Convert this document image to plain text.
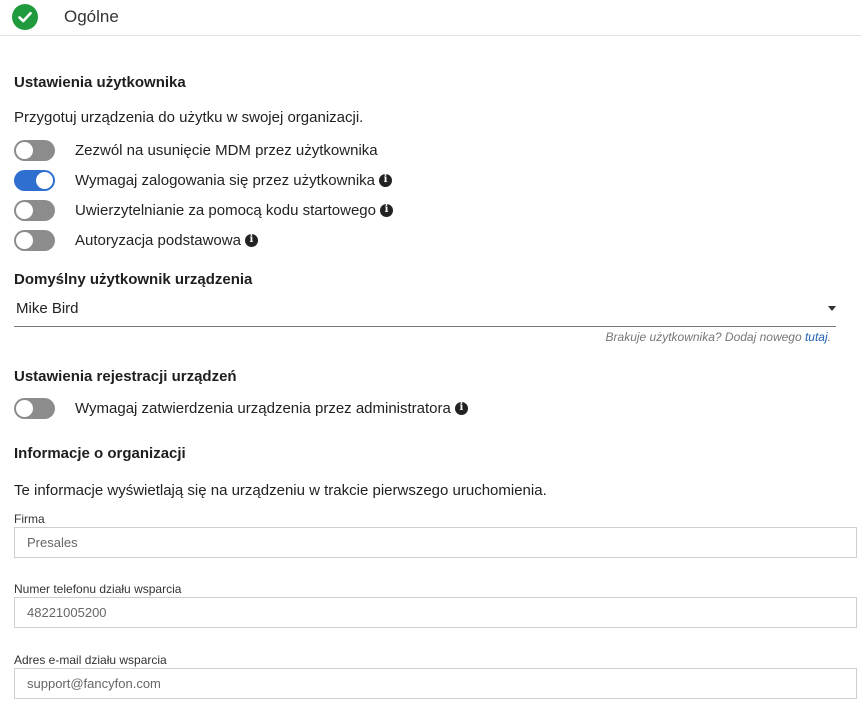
Ogólne
Ustawienia użytkownika
Przygotuj urządzenia do użytku w swojej organizacji.
Zezwól na usunięcie MDM przez użytkownika
Wymagaj zalogowania się przez użytkownika i
Uwierzytelnianie za pomocą kodu startowego i
Autoryzacja podstawowa i
Domyślny użytkownik urządzenia
Mike Bird
Brakuje użytkownika? Dodaj nowego tutaj.
Ustawienia rejestracji urządzeń
Wymagaj zatwierdzenia urządzenia przez administratora i
Informacje o organizacji
Te informacje wyświetlają się na urządzeniu w trakcie pierwszego uruchomienia.
Firma
Presales
Numer telefonu działu wsparcia
48221005200
Adres e-mail działu wsparcia
support@fancyfon.com
